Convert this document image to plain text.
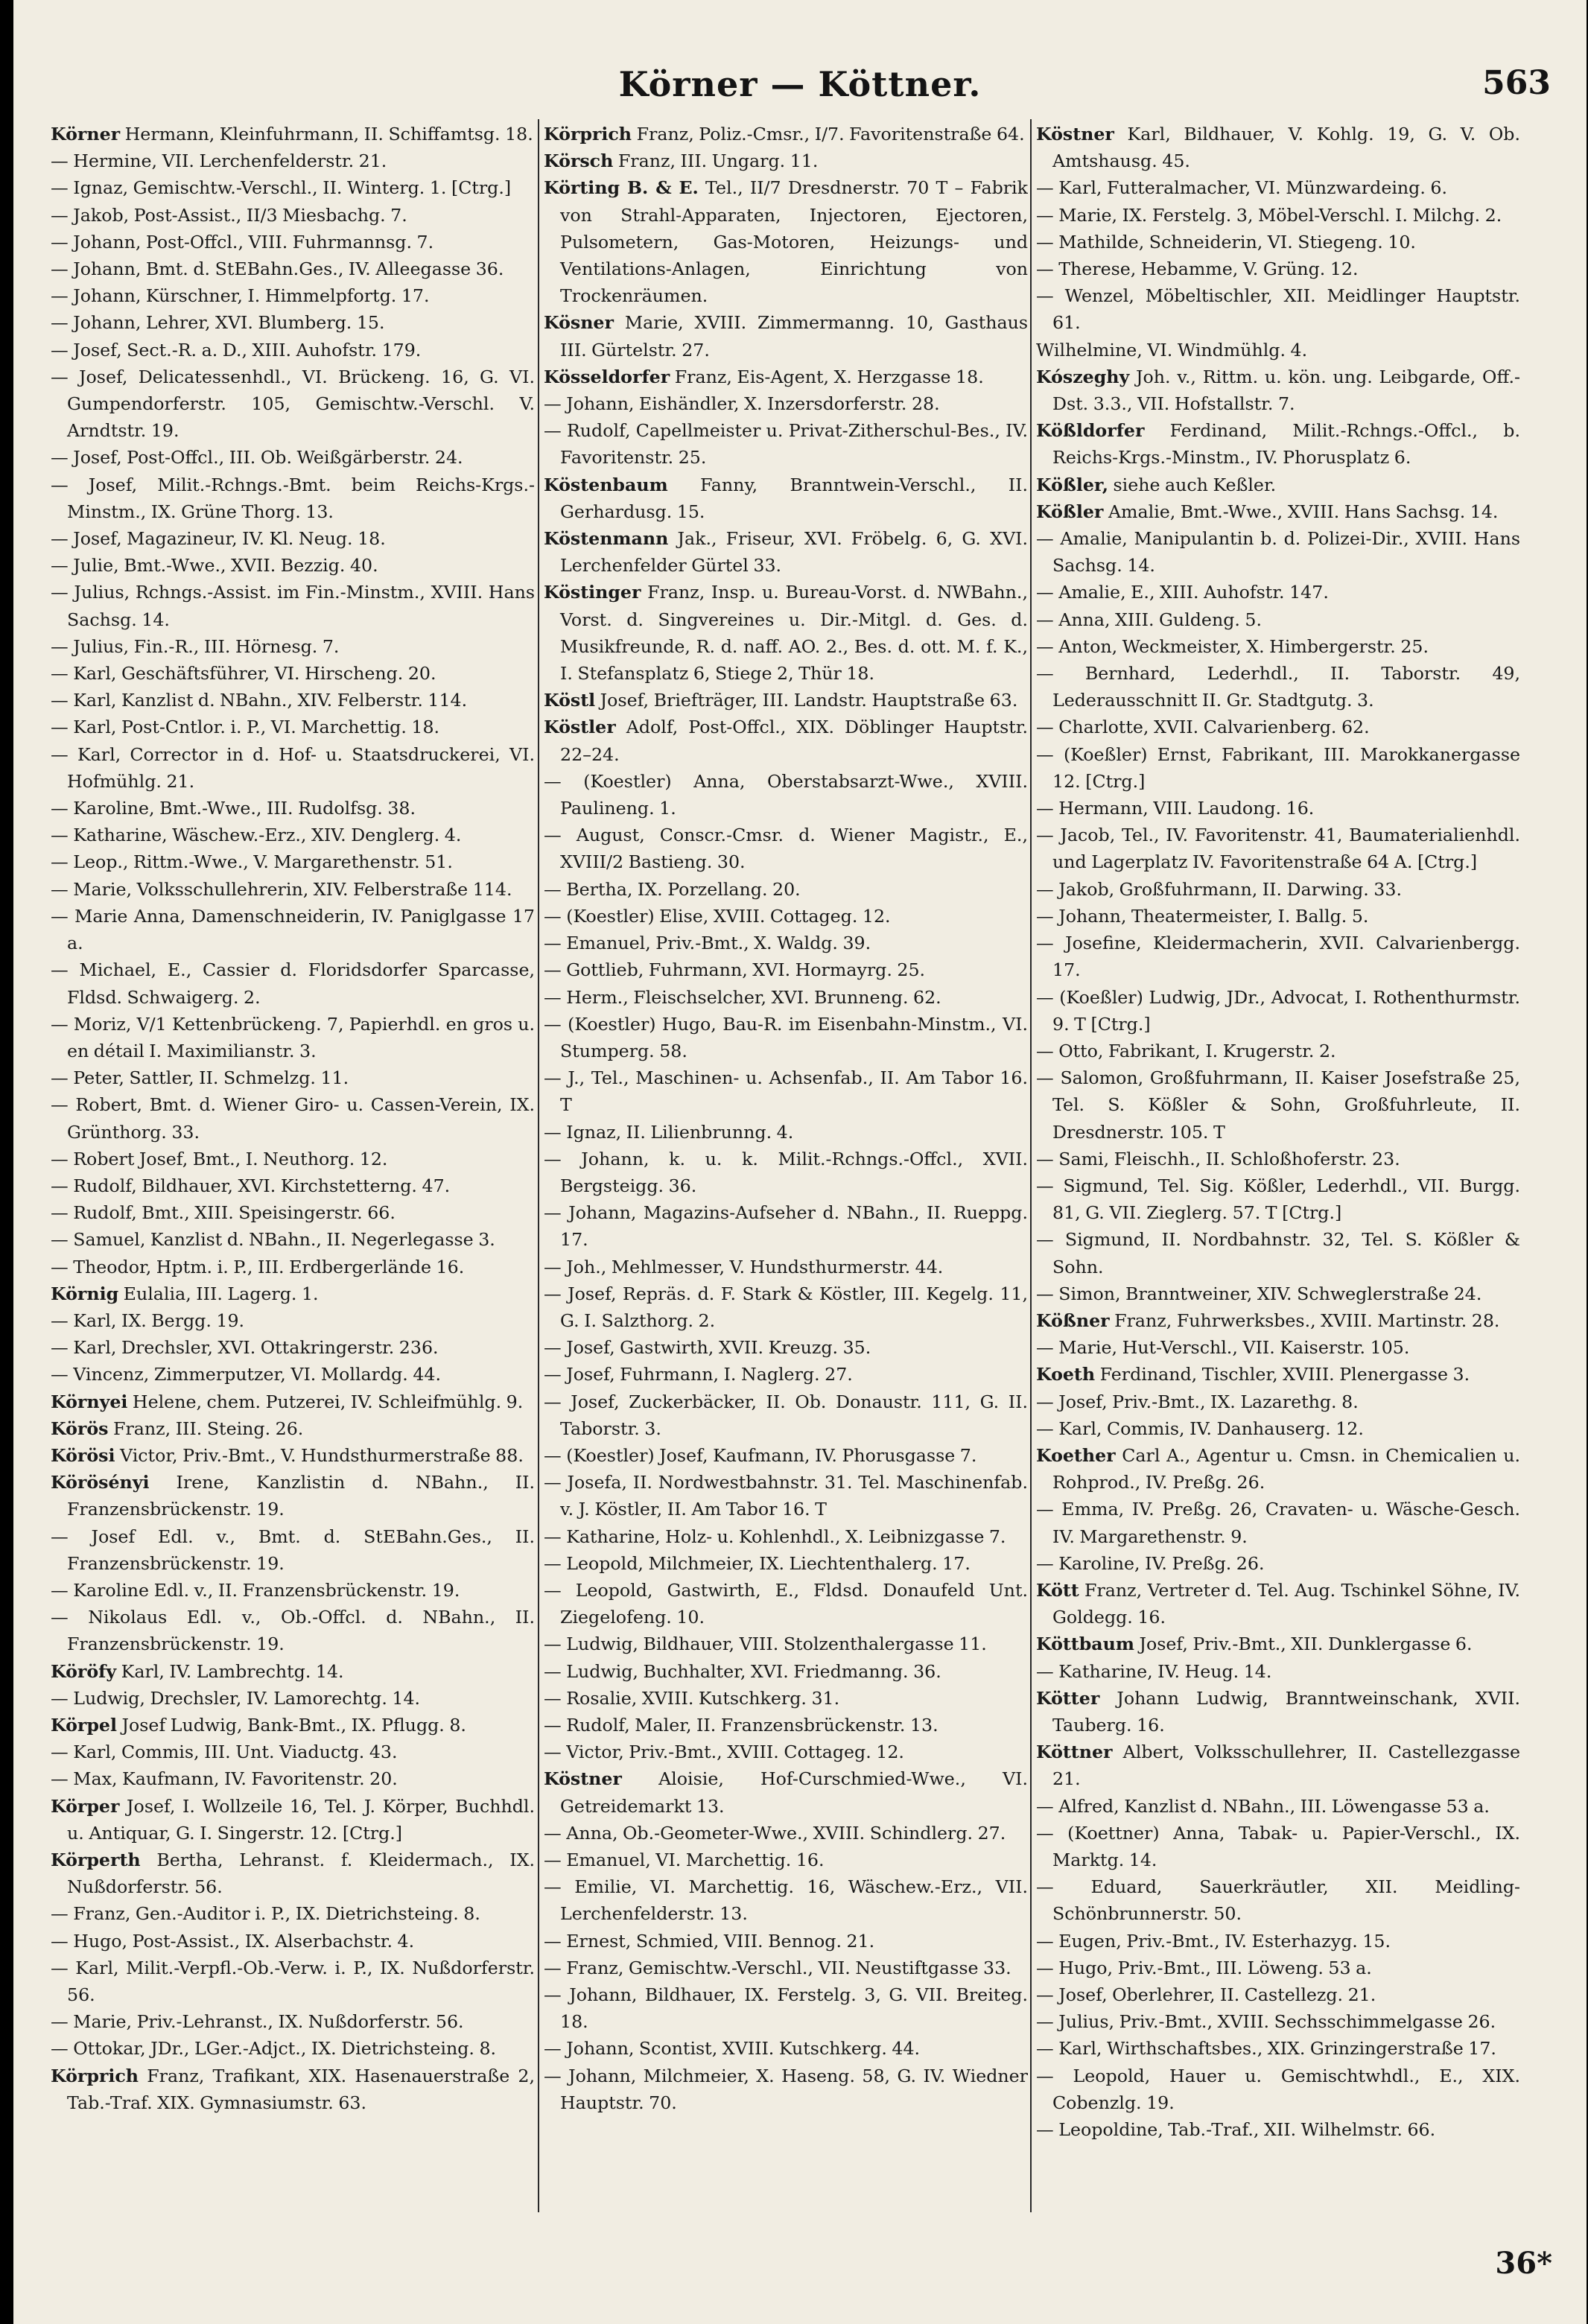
Körner — Köttner.	563

Körner Hermann, Kleinfuhrmann, II. Schiffamtsg. 18.

— Hermine, VII. Lerchenfelderstr. 21.

— Ignaz, Gemischtw.-Verschl., II. Winterg. 1. [Ctrg.]

— Jakob, Post-Assist., II/3 Miesbachg. 7.

— Johann, Post-Offcl., VIII. Fuhrmannsg. 7.

— Johann, Bmt. d. StEBahn.Ges., IV. Alleegasse 36.

— Johann, Kürschner, I. Himmelpfortg. 17.

— Johann, Lehrer, XVI. Blumberg. 15.

— Josef, Sect.-R. a. D., XIII. Auhofstr. 179.

— Josef, Delicatessenhdl., VI. Brückeng. 16, G. VI. Gumpendorferstr. 105, Gemischtw.-Verschl. V. Arndtstr. 19.

— Josef, Post-Offcl., III. Ob. Weißgärberstr. 24.

— Josef, Milit.-Rchngs.-Bmt. beim Reichs-Krgs.-Minstm., IX. Grüne Thorg. 13.

— Josef, Magazineur, IV. Kl. Neug. 18.

— Julie, Bmt.-Wwe., XVII. Bezzig. 40.

— Julius, Rchngs.-Assist. im Fin.-Minstm., XVIII. Hans Sachsg. 14.

— Julius, Fin.-R., III. Hörnesg. 7.

— Karl, Geschäftsführer, VI. Hirscheng. 20.

— Karl, Kanzlist d. NBahn., XIV. Felberstr. 114.

— Karl, Post-Cntlor. i. P., VI. Marchettig. 18.

— Karl, Corrector in d. Hof- u. Staatsdruckerei, VI. Hofmühlg. 21.

— Karoline, Bmt.-Wwe., III. Rudolfsg. 38.

— Katharine, Wäschew.-Erz., XIV. Denglerg. 4.

— Leop., Rittm.-Wwe., V. Margarethenstr. 51.

— Marie, Volksschullehrerin, XIV. Felberstraße 114.

— Marie Anna, Damenschneiderin, IV. Paniglgasse 17 a.

— Michael, E., Cassier d. Floridsdorfer Sparcasse, Fldsd. Schwaigerg. 2.

— Moriz, V/1 Kettenbrückeng. 7, Papierhdl. en gros u. en détail I. Maximilianstr. 3.

— Peter, Sattler, II. Schmelzg. 11.

— Robert, Bmt. d. Wiener Giro- u. Cassen-Verein, IX. Grünthorg. 33.

— Robert Josef, Bmt., I. Neuthorg. 12.

— Rudolf, Bildhauer, XVI. Kirchstetterng. 47.

— Rudolf, Bmt., XIII. Speisingerstr. 66.

— Samuel, Kanzlist d. NBahn., II. Negerlegasse 3.

— Theodor, Hptm. i. P., III. Erdbergerlände 16.

Körnig Eulalia, III. Lagerg. 1.

— Karl, IX. Bergg. 19.

— Karl, Drechsler, XVI. Ottakringerstr. 236.

— Vincenz, Zimmerputzer, VI. Mollardg. 44.

Környei Helene, chem. Putzerei, IV. Schleifmühlg. 9.

Körös Franz, III. Steing. 26.

Körösi Victor, Priv.-Bmt., V. Hundsthurmerstraße 88.

Körösényi Irene, Kanzlistin d. NBahn., II. Franzensbrückenstr. 19.

— Josef Edl. v., Bmt. d. StEBahn.Ges., II. Franzensbrückenstr. 19.

— Karoline Edl. v., II. Franzensbrückenstr. 19.

— Nikolaus Edl. v., Ob.-Offcl. d. NBahn., II. Franzensbrückenstr. 19.

Köröfy Karl, IV. Lambrechtg. 14.

— Ludwig, Drechsler, IV. Lamorechtg. 14.

Körpel Josef Ludwig, Bank-Bmt., IX. Pflugg. 8.

— Karl, Commis, III. Unt. Viaductg. 43.

— Max, Kaufmann, IV. Favoritenstr. 20.

Körper Josef, I. Wollzeile 16, Tel. J. Körper, Buchhdl. u. Antiquar, G. I. Singerstr. 12. [Ctrg.]

Körperth Bertha, Lehranst. f. Kleidermach., IX. Nußdorferstr. 56.

— Franz, Gen.-Auditor i. P., IX. Dietrichsteing. 8.

— Hugo, Post-Assist., IX. Alserbachstr. 4.

— Karl, Milit.-Verpfl.-Ob.-Verw. i. P., IX. Nußdorferstr. 56.

— Marie, Priv.-Lehranst., IX. Nußdorferstr. 56.

— Ottokar, JDr., LGer.-Adjct., IX. Dietrichsteing. 8.

Körprich Franz, Trafikant, XIX. Hasenauerstraße 2, Tab.-Traf. XIX. Gymnasiumstr. 63.

Körprich Franz, Poliz.-Cmsr., I/7. Favoritenstraße 64.

Körsch Franz, III. Ungarg. 11.

Körting B. & E. Tel., II/7 Dresdnerstr. 70 T – Fabrik von Strahl-Apparaten, Injectoren, Ejectoren, Pulsometern, Gas-Motoren, Heizungs- und Ventilations-Anlagen, Einrichtung von Trockenräumen.

Kösner Marie, XVIII. Zimmermanng. 10, Gasthaus III. Gürtelstr. 27.

Kösseldorfer Franz, Eis-Agent, X. Herzgasse 18.

— Johann, Eishändler, X. Inzersdorferstr. 28.

— Rudolf, Capellmeister u. Privat-Zitherschul-Bes., IV. Favoritenstr. 25.

Köstenbaum Fanny, Branntwein-Verschl., II. Gerhardusg. 15.

Köstenmann Jak., Friseur, XVI. Fröbelg. 6, G. XVI. Lerchenfelder Gürtel 33.

Köstinger Franz, Insp. u. Bureau-Vorst. d. NWBahn., Vorst. d. Singvereines u. Dir.-Mitgl. d. Ges. d. Musikfreunde, R. d. naff. AO. 2., Bes. d. ott. M. f. K., I. Stefansplatz 6, Stiege 2, Thür 18.

Köstl Josef, Briefträger, III. Landstr. Hauptstraße 63.

Köstler Adolf, Post-Offcl., XIX. Döblinger Hauptstr. 22–24.

— (Koestler) Anna, Oberstabsarzt-Wwe., XVIII. Paulineng. 1.

— August, Conscr.-Cmsr. d. Wiener Magistr., E., XVIII/2 Bastieng. 30.

— Bertha, IX. Porzellang. 20.

— (Koestler) Elise, XVIII. Cottageg. 12.

— Emanuel, Priv.-Bmt., X. Waldg. 39.

— Gottlieb, Fuhrmann, XVI. Hormayrg. 25.

— Herm., Fleischselcher, XVI. Brunneng. 62.

— (Koestler) Hugo, Bau-R. im Eisenbahn-Minstm., VI. Stumperg. 58.

— J., Tel., Maschinen- u. Achsenfab., II. Am Tabor 16. T

— Ignaz, II. Lilienbrunng. 4.

— Johann, k. u. k. Milit.-Rchngs.-Offcl., XVII. Bergsteigg. 36.

— Johann, Magazins-Aufseher d. NBahn., II. Rueppg. 17.

— Joh., Mehlmesser, V. Hundsthurmerstr. 44.

— Josef, Repräs. d. F. Stark & Köstler, III. Kegelg. 11, G. I. Salzthorg. 2.

— Josef, Gastwirth, XVII. Kreuzg. 35.

— Josef, Fuhrmann, I. Naglerg. 27.

— Josef, Zuckerbäcker, II. Ob. Donaustr. 111, G. II. Taborstr. 3.

— (Koestler) Josef, Kaufmann, IV. Phorusgasse 7.

— Josefa, II. Nordwestbahnstr. 31. Tel. Maschinenfab. v. J. Köstler, II. Am Tabor 16. T

— Katharine, Holz- u. Kohlenhdl., X. Leibnizgasse 7.

— Leopold, Milchmeier, IX. Liechtenthalerg. 17.

— Leopold, Gastwirth, E., Fldsd. Donaufeld Unt. Ziegelofeng. 10.

— Ludwig, Bildhauer, VIII. Stolzenthalergasse 11.

— Ludwig, Buchhalter, XVI. Friedmanng. 36.

— Rosalie, XVIII. Kutschkerg. 31.

— Rudolf, Maler, II. Franzensbrückenstr. 13.

— Victor, Priv.-Bmt., XVIII. Cottageg. 12.

Köstner Aloisie, Hof-Curschmied-Wwe., VI. Getreidemarkt 13.

— Anna, Ob.-Geometer-Wwe., XVIII. Schindlerg. 27.

— Emanuel, VI. Marchettig. 16.

— Emilie, VI. Marchettig. 16, Wäschew.-Erz., VII. Lerchenfelderstr. 13.

— Ernest, Schmied, VIII. Bennog. 21.

— Franz, Gemischtw.-Verschl., VII. Neustiftgasse 33.

— Johann, Bildhauer, IX. Ferstelg. 3, G. VII. Breiteg. 18.

— Johann, Scontist, XVIII. Kutschkerg. 44.

— Johann, Milchmeier, X. Haseng. 58, G. IV. Wiedner Hauptstr. 70.

Köstner Karl, Bildhauer, V. Kohlg. 19, G. V. Ob. Amtshausg. 45.

— Karl, Futteralmacher, VI. Münzwardeing. 6.

— Marie, IX. Ferstelg. 3, Möbel-Verschl. I. Milchg. 2.

— Mathilde, Schneiderin, VI. Stiegeng. 10.

— Therese, Hebamme, V. Grüng. 12.

— Wenzel, Möbeltischler, XII. Meidlinger Hauptstr. 61.

Wilhelmine, VI. Windmühlg. 4.

Kószeghy Joh. v., Rittm. u. kön. ung. Leibgarde, Off.-Dst. 3.3., VII. Hofstallstr. 7.

Kößldorfer Ferdinand, Milit.-Rchngs.-Offcl., b. Reichs-Krgs.-Minstm., IV. Phorusplatz 6.

Kößler, siehe auch Keßler.

Kößler Amalie, Bmt.-Wwe., XVIII. Hans Sachsg. 14.

— Amalie, Manipulantin b. d. Polizei-Dir., XVIII. Hans Sachsg. 14.

— Amalie, E., XIII. Auhofstr. 147.

— Anna, XIII. Guldeng. 5.

— Anton, Weckmeister, X. Himbergerstr. 25.

— Bernhard, Lederhdl., II. Taborstr. 49, Lederausschnitt II. Gr. Stadtgutg. 3.

— Charlotte, XVII. Calvarienberg. 62.

— (Koeßler) Ernst, Fabrikant, III. Marokkanergasse 12. [Ctrg.]

— Hermann, VIII. Laudong. 16.

— Jacob, Tel., IV. Favoritenstr. 41, Baumaterialienhdl. und Lagerplatz IV. Favoritenstraße 64 A. [Ctrg.]

— Jakob, Großfuhrmann, II. Darwing. 33.

— Johann, Theatermeister, I. Ballg. 5.

— Josefine, Kleidermacherin, XVII. Calvarienbergg. 17.

— (Koeßler) Ludwig, JDr., Advocat, I. Rothenthurmstr. 9. T [Ctrg.]

— Otto, Fabrikant, I. Krugerstr. 2.

— Salomon, Großfuhrmann, II. Kaiser Josefstraße 25, Tel. S. Kößler & Sohn, Großfuhrleute, II. Dresdnerstr. 105. T

— Sami, Fleischh., II. Schloßhoferstr. 23.

— Sigmund, Tel. Sig. Kößler, Lederhdl., VII. Burgg. 81, G. VII. Zieglerg. 57. T [Ctrg.]

— Sigmund, II. Nordbahnstr. 32, Tel. S. Kößler & Sohn.

— Simon, Branntweiner, XIV. Schweglerstraße 24.

Kößner Franz, Fuhrwerksbes., XVIII. Martinstr. 28.

— Marie, Hut-Verschl., VII. Kaiserstr. 105.

Koeth Ferdinand, Tischler, XVIII. Plenergasse 3.

— Josef, Priv.-Bmt., IX. Lazarethg. 8.

— Karl, Commis, IV. Danhauserg. 12.

Koether Carl A., Agentur u. Cmsn. in Chemicalien u. Rohprod., IV. Preßg. 26.

— Emma, IV. Preßg. 26, Cravaten- u. Wäsche-Gesch. IV. Margarethenstr. 9.

— Karoline, IV. Preßg. 26.

Kött Franz, Vertreter d. Tel. Aug. Tschinkel Söhne, IV. Goldegg. 16.

Köttbaum Josef, Priv.-Bmt., XII. Dunklergasse 6.

— Katharine, IV. Heug. 14.

Kötter Johann Ludwig, Branntweinschank, XVII. Tauberg. 16.

Köttner Albert, Volksschullehrer, II. Castellezgasse 21.

— Alfred, Kanzlist d. NBahn., III. Löwengasse 53 a.

— (Koettner) Anna, Tabak- u. Papier-Verschl., IX. Marktg. 14.

— Eduard, Sauerkräutler, XII. Meidling-Schönbrunnerstr. 50.

— Eugen, Priv.-Bmt., IV. Esterhazyg. 15.

— Hugo, Priv.-Bmt., III. Löweng. 53 a.

— Josef, Oberlehrer, II. Castellezg. 21.

— Julius, Priv.-Bmt., XVIII. Sechsschimmelgasse 26.

— Karl, Wirthschaftsbes., XIX. Grinzingerstraße 17.

— Leopold, Hauer u. Gemischtwhdl., E., XIX. Cobenzlg. 19.

— Leopoldine, Tab.-Traf., XII. Wilhelmstr. 66.

36*
